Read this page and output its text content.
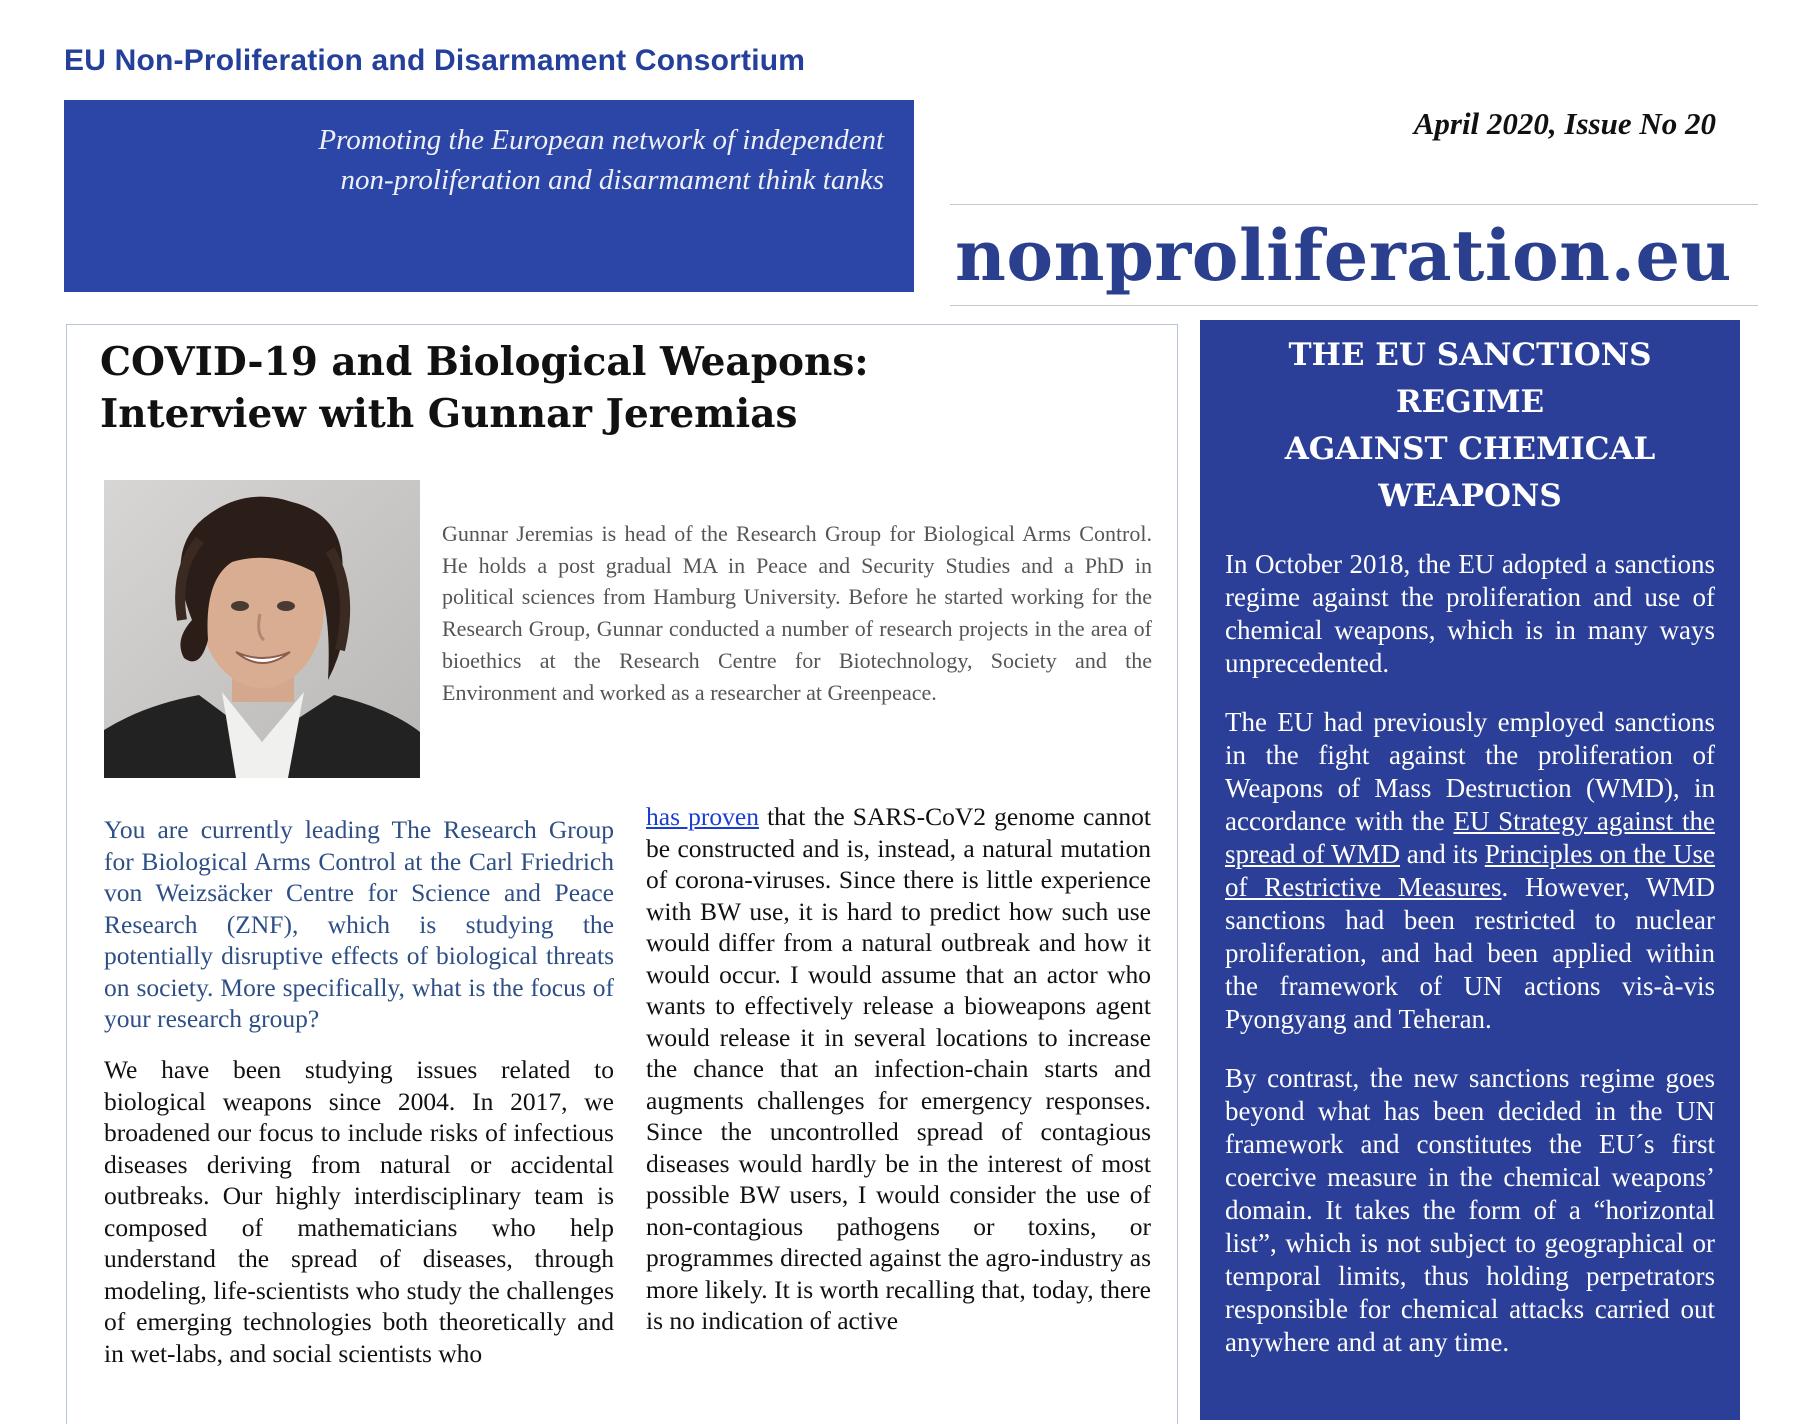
EU Non-Proliferation and Disarmament Consortium
Promoting the European network of independent
non-proliferation and disarmament think tanks
April 2020, Issue No 20
nonproliferation.eu
COVID-19 and Biological Weapons:
Interview with Gunnar Jeremias
Gunnar Jeremias is head of the Research Group for Biological Arms Control. He holds a post gradual MA in Peace and Security Studies and a PhD in political sciences from Hamburg University. Before he started working for the Research Group, Gunnar conducted a number of research projects in the area of bioethics at the Research Centre for Biotechnology, Society and the Environment and worked as a researcher at Greenpeace.
You are currently leading The Research Group for Biological Arms Control at the Carl Friedrich von Weizsäcker Centre for Science and Peace Research (ZNF), which is studying the potentially disruptive effects of biological threats on society. More specifically, what is the focus of your research group?
We have been studying issues related to biological weapons since 2004. In 2017, we broadened our focus to include risks of infectious diseases deriving from natural or accidental outbreaks. Our highly interdisciplinary team is composed of mathematicians who help understand the spread of diseases, through modeling, life-scientists who study the challenges of emerging technologies both theoretically and in wet-labs, and social scientists who
has proven that the SARS-CoV2 genome cannot be constructed and is, instead, a natural mutation of corona-viruses. Since there is little experience with BW use, it is hard to predict how such use would differ from a natural outbreak and how it would occur. I would assume that an actor who wants to effectively release a bioweapons agent would release it in several locations to increase the chance that an infection-chain starts and augments challenges for emergency responses. Since the uncontrolled spread of contagious diseases would hardly be in the interest of most possible BW users, I would consider the use of non-contagious pathogens or toxins, or programmes directed against the agro-industry as more likely. It is worth recalling that, today, there is no indication of active
THE EU SANCTIONS REGIME
AGAINST CHEMICAL WEAPONS

In October 2018, the EU adopted a sanctions regime against the proliferation and use of chemical weapons, which is in many ways unprecedented.

The EU had previously employed sanctions in the fight against the proliferation of Weapons of Mass Destruction (WMD), in accordance with the EU Strategy against the spread of WMD and its Principles on the Use of Restrictive Measures. However, WMD sanctions had been restricted to nuclear proliferation, and had been applied within the framework of UN actions vis-à-vis Pyongyang and Teheran.

By contrast, the new sanctions regime goes beyond what has been decided in the UN framework and constitutes the EU´s first coercive measure in the chemical weapons’ domain. It takes the form of a “horizontal list”, which is not subject to geographical or temporal limits, thus holding perpetrators responsible for chemical attacks carried out anywhere and at any time.
